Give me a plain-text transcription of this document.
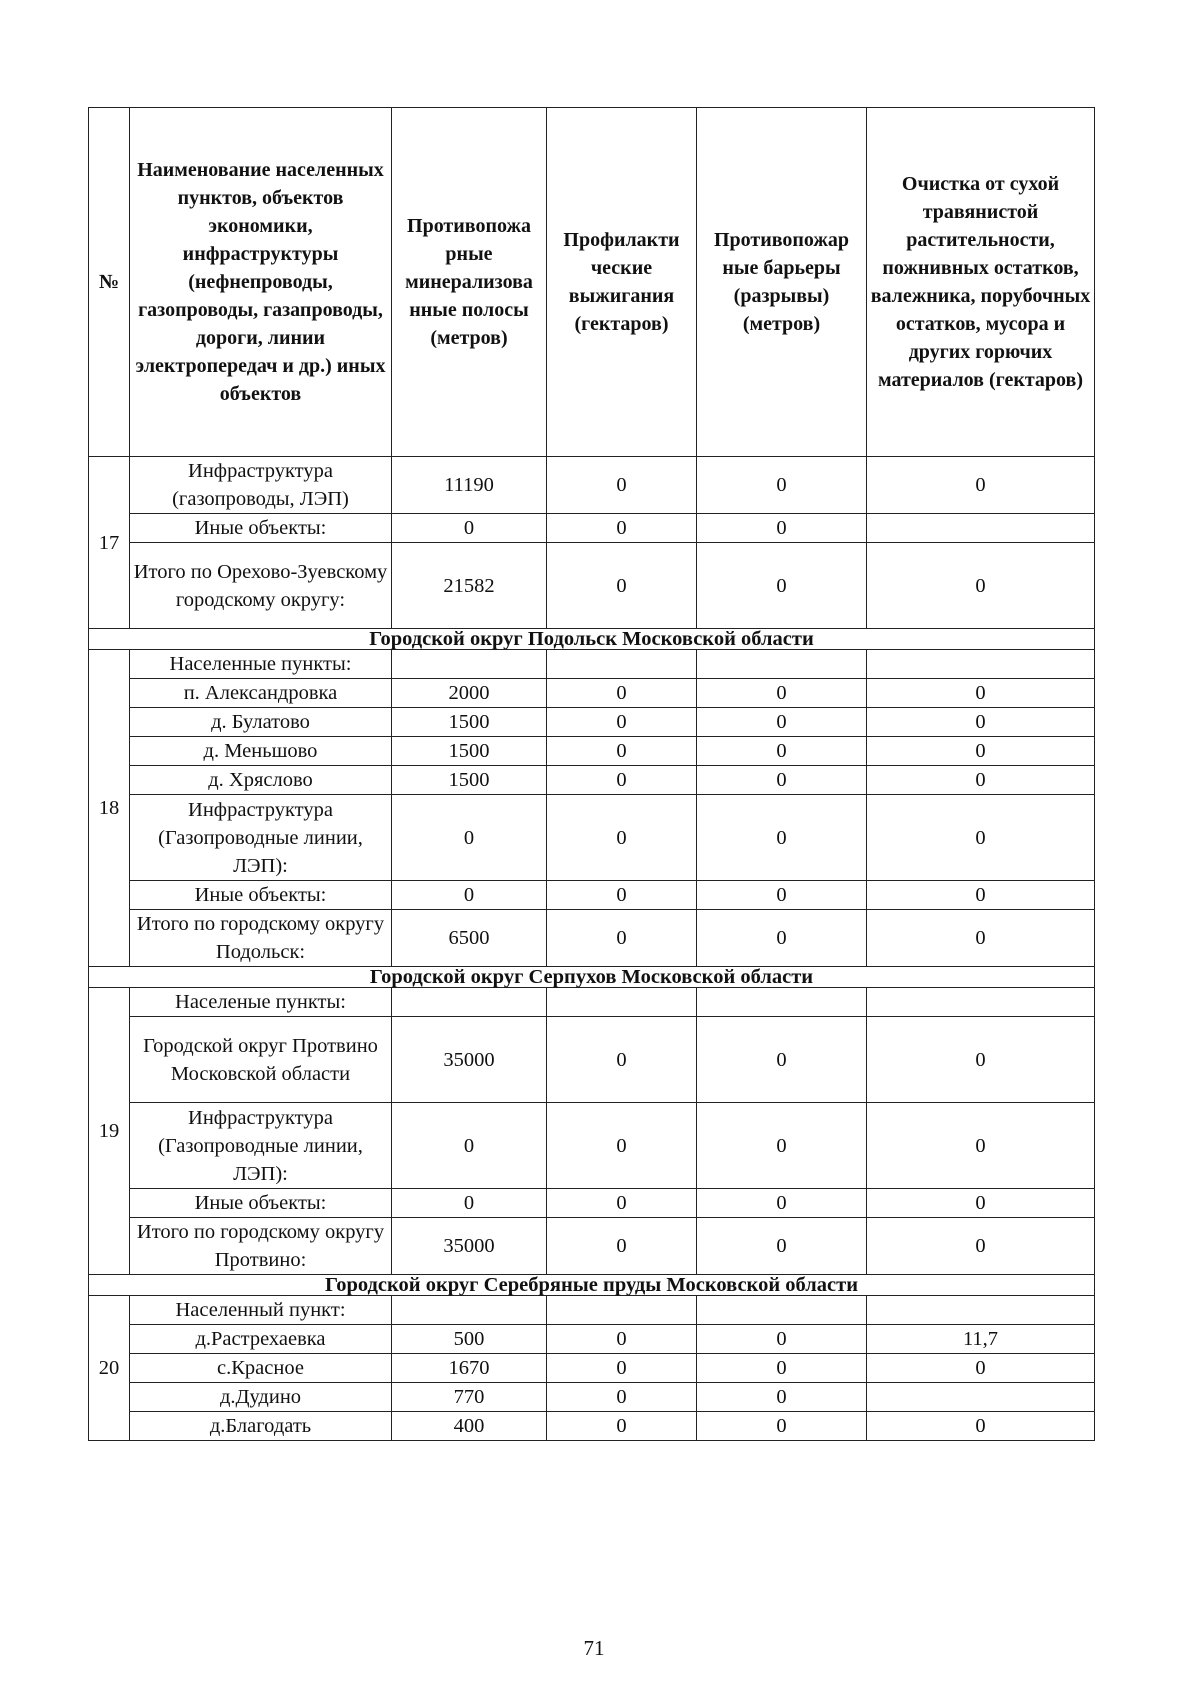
№	Наименование населенных пунктов, объектов экономики, инфраструктуры (нефнепроводы, газопроводы, газапроводы, дороги, линии электропередач и др.) иных объектов	Противопожа рные минерализова нные полосы (метров)	Профилакти ческие выжигания (гектаров)	Противопожар ные барьеры (разрывы) (метров)	Очистка от сухой травянистой растительности, пожнивных остатков, валежника, порубочных остатков, мусора и других горючих материалов (гектаров)
17	Инфраструктура (газопроводы, ЛЭП)	11190	0	0	0
	Иные объекты:	0	0	0	
	Итого по Орехово-Зуевскому городскому округу:	21582	0	0	0
Городской округ Подольск Московской области					
18	Населенные пункты:				
	п. Александровка	2000	0	0	0
	д. Булатово	1500	0	0	0
	д. Меньшово	1500	0	0	0
	д. Хряслово	1500	0	0	0
	Инфраструктура (Газопроводные линии, ЛЭП):	0	0	0	0
	Иные объекты:	0	0	0	0
	Итого по городскому округу Подольск:	6500	0	0	0
Городской округ Серпухов Московской области					
19	Населеные пункты:				
	Городской округ Протвино Московской области	35000	0	0	0
	Инфраструктура (Газопроводные линии, ЛЭП):	0	0	0	0
	Иные объекты:	0	0	0	0
	Итого по городскому округу Протвино:	35000	0	0	0
Городской округ Серебряные пруды Московской области					
20	Населенный пункт:				
	д.Растрехаевка	500	0	0	11,7
	с.Красное	1670	0	0	0
	д.Дудино	770	0	0	
	д.Благодать	400	0	0	0
71
